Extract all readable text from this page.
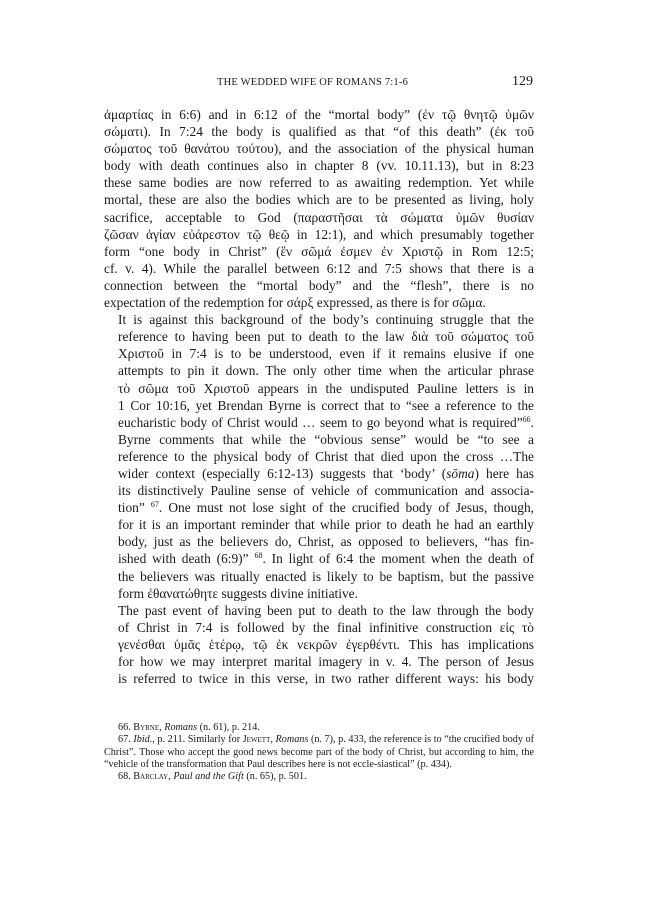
THE WEDDED WIFE OF ROMANS 7:1-6	129

ἁμαρτίας in 6:6) and in 6:12 of the “mortal body” (ἐν τῷ θνητῷ ὑμῶν
σώματι). In 7:24 the body is qualified as that “of this death” (ἐκ τοῦ
σώματος τοῦ θανάτου τούτου), and the association of the physical human
body with death continues also in chapter 8 (vv. 10.11.13), but in 8:23
these same bodies are now referred to as awaiting redemption. Yet while
mortal, these are also the bodies which are to be presented as living, holy
sacrifice, acceptable to God (παραστῆσαι τὰ σώματα ὑμῶν θυσίαν
ζῶσαν ἁγίαν εὐάρεστον τῷ θεῷ in 12:1), and which presumably together
form “one body in Christ” (ἓν σῶμά ἐσμεν ἐν Χριστῷ in Rom 12:5;
cf. v. 4). While the parallel between 6:12 and 7:5 shows that there is a
connection between the “mortal body” and the “flesh”, there is no
expectation of the redemption for σάρξ expressed, as there is for σῶμα.

It is against this background of the body’s continuing struggle that the
reference to having been put to death to the law διὰ τοῦ σώματος τοῦ
Χριστοῦ in 7:4 is to be understood, even if it remains elusive if one
attempts to pin it down. The only other time when the articular phrase
τὸ σῶμα τοῦ Χριστοῦ appears in the undisputed Pauline letters is in
1 Cor 10:16, yet Brendan Byrne is correct that to “see a reference to the
eucharistic body of Christ would … seem to go beyond what is required”$^{66}$.
Byrne comments that while the “obvious sense” would be “to see a
reference to the physical body of Christ that died upon the cross …The
wider context (especially 6:12-13) suggests that ‘body’ (sōma) here has
its distinctively Pauline sense of vehicle of communication and associa-
tion” $^{67}$. One must not lose sight of the crucified body of Jesus, though,
for it is an important reminder that while prior to death he had an earthly
body, just as the believers do, Christ, as opposed to believers, “has fin-
ished with death (6:9)” $^{68}$. In light of 6:4 the moment when the death of
the believers was ritually enacted is likely to be baptism, but the passive
form ἐθανατώθητε suggests divine initiative.

The past event of having been put to death to the law through the body
of Christ in 7:4 is followed by the final infinitive construction εἰς τὸ
γενέσθαι ὑμᾶς ἑτέρῳ, τῷ ἐκ νεκρῶν ἐγερθέντι. This has implications
for how we may interpret marital imagery in v. 4. The person of Jesus
is referred to twice in this verse, in two rather different ways: his body

66. Byrne, Romans (n. 61), p. 214.

67. Ibid., p. 211. Similarly for Jewett, Romans (n. 7), p. 433, the reference is to “the crucified body of Christ”. Those who accept the good news become part of the body of Christ, but according to him, the “vehicle of the transformation that Paul describes here is not eccle-siastical” (p. 434).

68. Barclay, Paul and the Gift (n. 65), p. 501.
